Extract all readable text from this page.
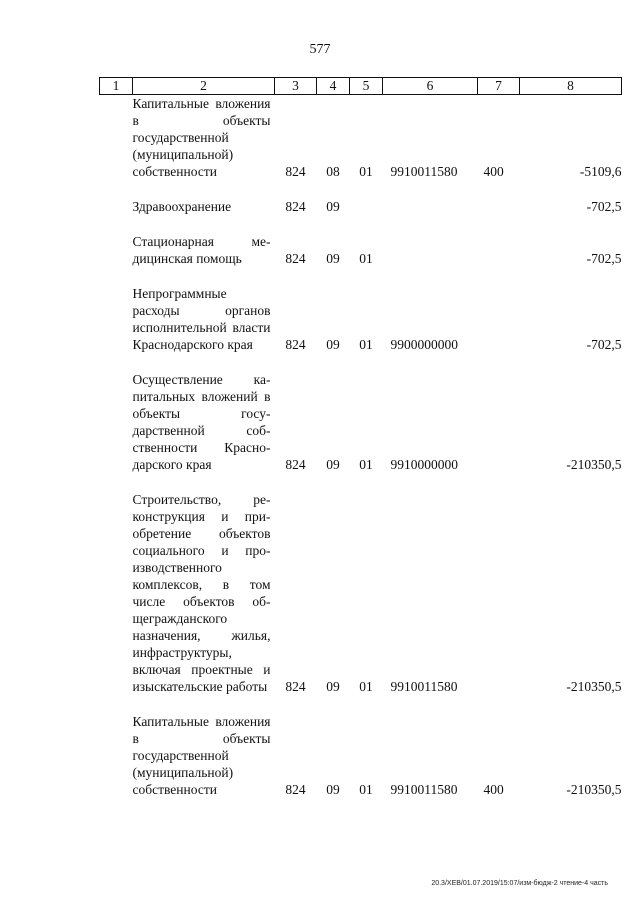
577
1	2	3	4	5	6	7	8
	Капитальные вложения в объекты государственной (муниципальной) собственности	824	08	01	9910011580	400	-5109,6

	Здравоохранение	824	09				-702,5

	Стационарная медицинская помощь	824	09	01			-702,5

	Непрограммные расходы органов исполнительной власти Краснодарского края	824	09	01	9900000000		-702,5

	Осуществление капитальных вложений в объекты государственной собственности Краснодарского края	824	09	01	9910000000		-210350,5

	Строительство, реконструкция и приобретение объектов социального и производственного комплексов, в том числе объектов общегражданского назначения, жилья, инфраструктуры, включая проектные и изыскательские работы	824	09	01	9910011580		-210350,5

	Капитальные вложения в объекты государственной (муниципальной) собственности	824	09	01	9910011580	400	-210350,5
20.3/ХЕВ/01.07.2019/15:07/изм-бюдж-2 чтение-4 часть
